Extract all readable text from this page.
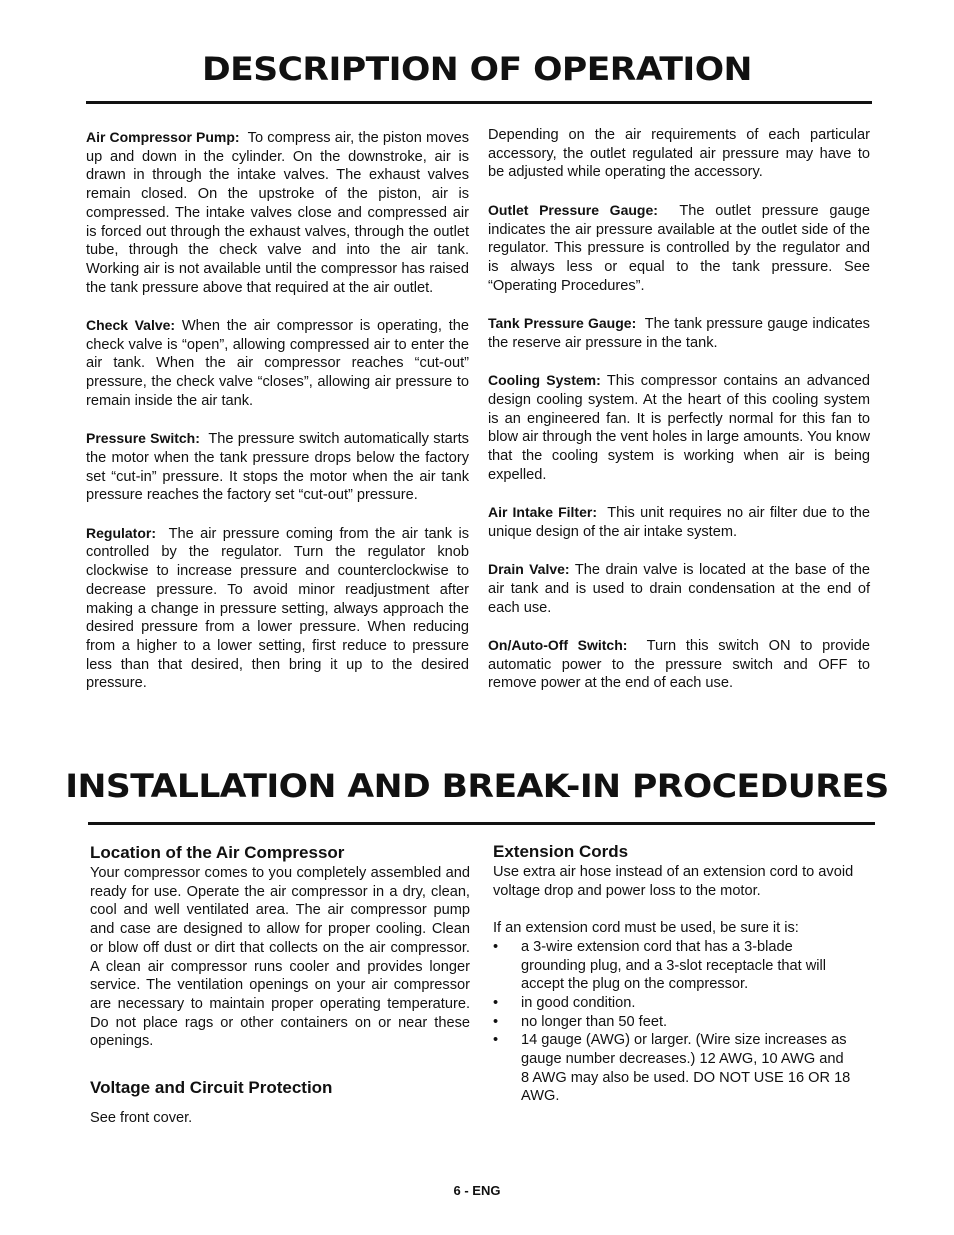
DESCRIPTION OF OPERATION

Air Compressor Pump: To compress air, the piston moves up and down in the cylinder. On the downstroke, air is drawn in through the intake valves. The exhaust valves remain closed. On the upstroke of the piston, air is compressed. The intake valves close and compressed air is forced out through the exhaust valves, through the outlet tube, through the check valve and into the air tank. Working air is not available until the compressor has raised the tank pressure above that required at the air outlet.

Check Valve: When the air compressor is operating, the check valve is “open”, allowing compressed air to enter the air tank. When the air compressor reaches “cut-out” pressure, the check valve “closes”, allowing air pressure to remain inside the air tank.

Pressure Switch: The pressure switch automatically starts the motor when the tank pressure drops below the factory set “cut-in” pressure. It stops the motor when the air tank pressure reaches the factory set “cut-out” pressure.

Regulator: The air pressure coming from the air tank is controlled by the regulator. Turn the regulator knob clockwise to increase pressure and counterclockwise to decrease pressure. To avoid minor readjustment after making a change in pressure setting, always approach the desired pressure from a lower pressure. When reducing from a higher to a lower setting, first reduce to pressure less than that desired, then bring it up to the desired pressure.

Depending on the air requirements of each particular accessory, the outlet regulated air pressure may have to be adjusted while operating the accessory.

Outlet Pressure Gauge: The outlet pressure gauge indicates the air pressure available at the outlet side of the regulator. This pressure is controlled by the regulator and is always less or equal to the tank pressure. See “Operating Procedures”.

Tank Pressure Gauge: The tank pressure gauge indicates the reserve air pressure in the tank.

Cooling System: This compressor contains an advanced design cooling system. At the heart of this cooling system is an engineered fan. It is perfectly normal for this fan to blow air through the vent holes in large amounts. You know that the cooling system is working when air is being expelled.

Air Intake Filter: This unit requires no air filter due to the unique design of the air intake system.

Drain Valve: The drain valve is located at the base of the air tank and is used to drain condensation at the end of each use.

On/Auto-Off Switch: Turn this switch ON to provide automatic power to the pressure switch and OFF to remove power at the end of each use.

INSTALLATION AND BREAK-IN PROCEDURES
Location of the Air Compressor

Your compressor comes to you completely assembled and ready for use. Operate the air compressor in a dry, clean, cool and well ventilated area. The air compressor pump and case are designed to allow for proper cooling. Clean or blow off dust or dirt that collects on the air compressor. A clean air compressor runs cooler and provides longer service. The ventilation openings on your air compressor are necessary to maintain proper operating temperature. Do not place rags or other containers on or near these openings.

Voltage and Circuit Protection

See front cover.

Extension Cords

Use extra air hose instead of an extension cord to avoid voltage drop and power loss to the motor.

If an extension cord must be used, be sure it is:

• a 3-wire extension cord that has a 3-blade grounding plug, and a 3-slot receptacle that will accept the plug on the compressor.
• in good condition.
• no longer than 50 feet.
• 14 gauge (AWG) or larger. (Wire size increases as gauge number decreases.) 12 AWG, 10 AWG and 8 AWG may also be used. DO NOT USE 16 OR 18 AWG.
6 - ENG
